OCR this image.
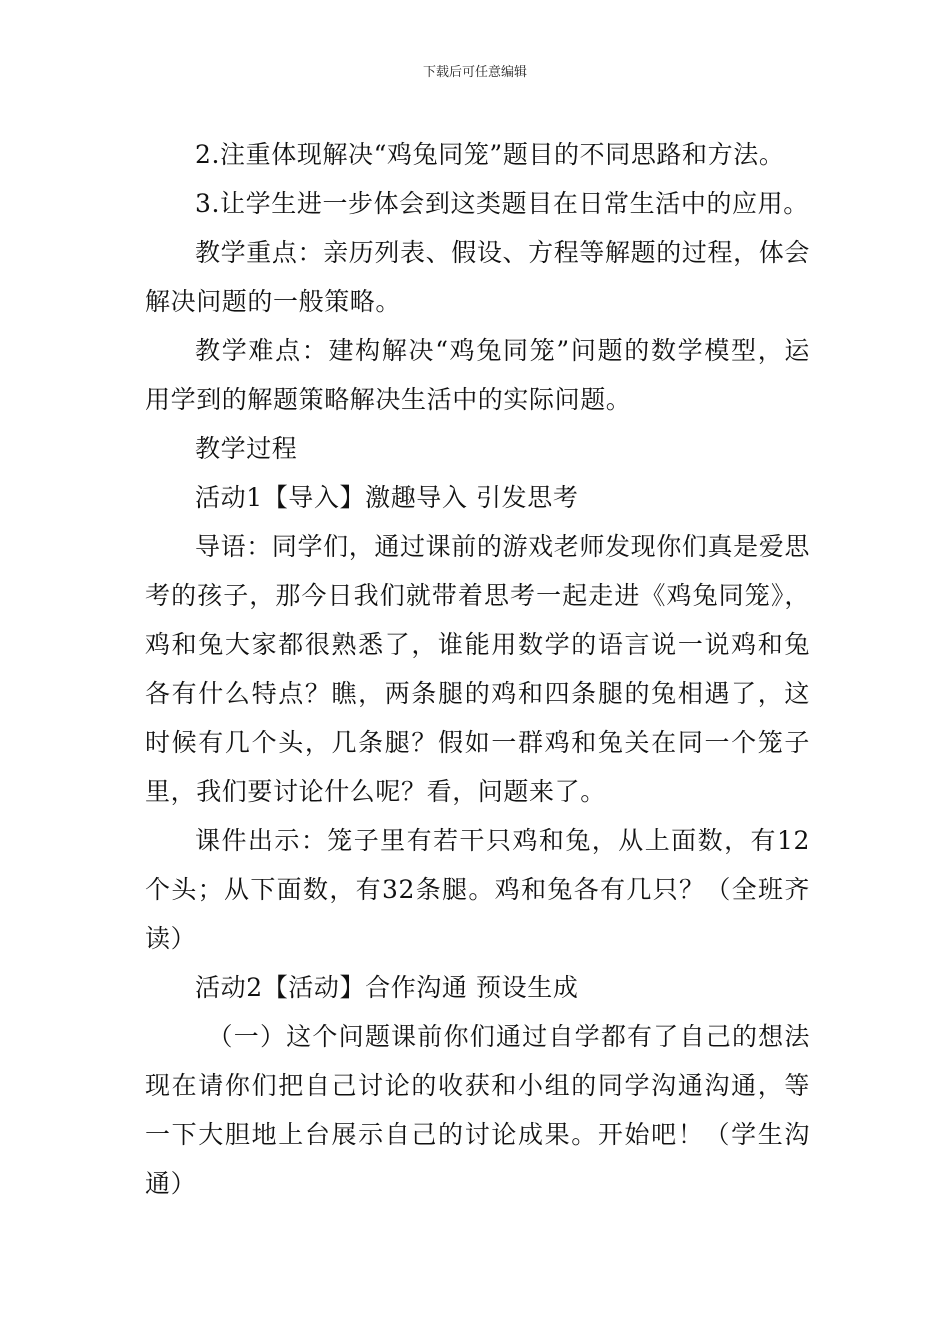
下载后可任意编辑

2.注重体现解决“鸡兔同笼”题目的不同思路和方法。

3.让学生进一步体会到这类题目在日常生活中的应用。

教学重点：亲历列表、假设、方程等解题的过程，体会解决问题的一般策略。

教学难点：建构解决“鸡兔同笼”问题的数学模型，运用学到的解题策略解决生活中的实际问题。

教学过程

活动1【导入】激趣导入 引发思考

导语：同学们，通过课前的游戏老师发现你们真是爱思考的孩子，那今日我们就带着思考一起走进《鸡兔同笼》，鸡和兔大家都很熟悉了，谁能用数学的语言说一说鸡和兔各有什么特点？瞧，两条腿的鸡和四条腿的兔相遇了，这时候有几个头，几条腿？假如一群鸡和兔关在同一个笼子里，我们要讨论什么呢？看，问题来了。

课件出示：笼子里有若干只鸡和兔，从上面数，有12个头；从下面数，有32条腿。鸡和兔各有几只？（全班齐读）

活动2【活动】合作沟通 预设生成

（一）这个问题课前你们通过自学都有了自己的想法现在请你们把自己讨论的收获和小组的同学沟通沟通，等一下大胆地上台展示自己的讨论成果。开始吧！（学生沟通）
